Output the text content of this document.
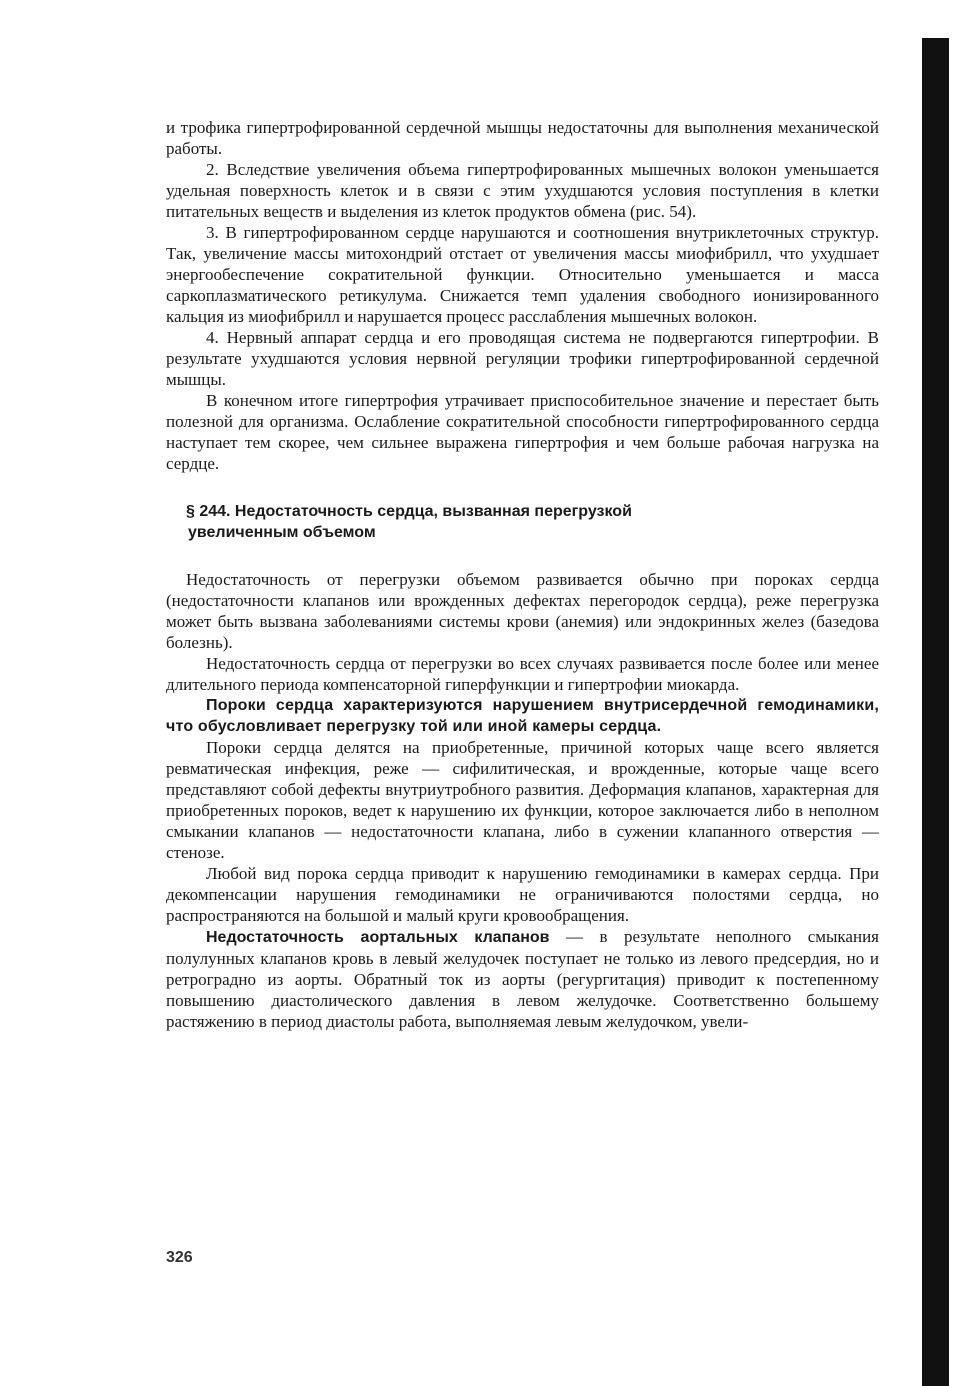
и трофика гипертрофированной сердечной мышцы недостаточны для выполнения механической работы.

2. Вследствие увеличения объема гипертрофированных мышечных волокон уменьшается удельная поверхность клеток и в связи с этим ухудшаются условия поступления в клетки питательных веществ и выделения из клеток продуктов обмена (рис. 54).

3. В гипертрофированном сердце нарушаются и соотношения внутриклеточных структур. Так, увеличение массы митохондрий отстает от увеличения массы миофибрилл, что ухудшает энергообеспечение сократительной функции. Относительно уменьшается и масса саркоплазматического ретикулума. Снижается темп удаления свободного ионизированного кальция из миофибрилл и нарушается процесс расслабления мышечных волокон.

4. Нервный аппарат сердца и его проводящая система не подвергаются гипертрофии. В результате ухудшаются условия нервной регуляции трофики гипертрофированной сердечной мышцы.

В конечном итоге гипертрофия утрачивает приспособительное значение и перестает быть полезной для организма. Ослабление сократительной способности гипертрофированного сердца наступает тем скорее, чем сильнее выражена гипертрофия и чем больше рабочая нагрузка на сердце.

§ 244. Недостаточность сердца, вызванная перегрузкой
увеличенным объемом

Недостаточность от перегрузки объемом развивается обычно при пороках сердца (недостаточности клапанов или врожденных дефектах перегородок сердца), реже перегрузка может быть вызвана заболеваниями системы крови (анемия) или эндокринных желез (базедова болезнь).

Недостаточность сердца от перегрузки во всех случаях развивается после более или менее длительного периода компенсаторной гиперфункции и гипертрофии миокарда.

Пороки сердца характеризуются нарушением внутрисердечной гемодинамики, что обусловливает перегрузку той или иной камеры сердца.

Пороки сердца делятся на приобретенные, причиной которых чаще всего является ревматическая инфекция, реже — сифилитическая, и врожденные, которые чаще всего представляют собой дефекты внутриутробного развития. Деформация клапанов, характерная для приобретенных пороков, ведет к нарушению их функции, которое заключается либо в неполном смыкании клапанов — недостаточности клапана, либо в сужении клапанного отверстия — стенозе.

Любой вид порока сердца приводит к нарушению гемодинамики в камерах сердца. При декомпенсации нарушения гемодинамики не ограничиваются полостями сердца, но распространяются на большой и малый круги кровообращения.

Недостаточность аортальных клапанов — в результате неполного смыкания полулунных клапанов кровь в левый желудочек поступает не только из левого предсердия, но и ретроградно из аорты. Обратный ток из аорты (регургитация) приводит к постепенному повышению диастолического давления в левом желудочке. Соответственно большему растяжению в период диастолы работа, выполняемая левым желудочком, увели-

326
